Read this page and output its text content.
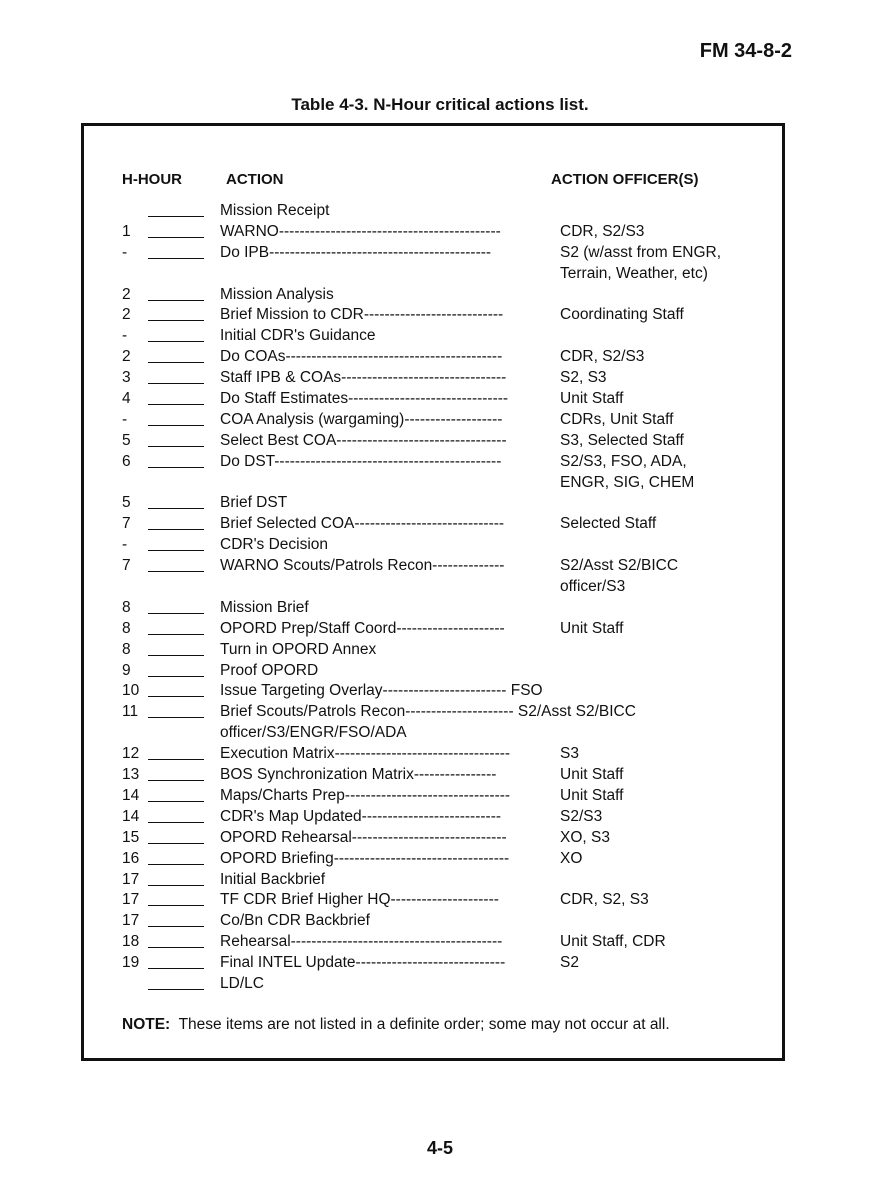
FM 34-8-2
Table 4-3. N-Hour critical actions list.
H-HOUR	ACTION	ACTION OFFICER(S)
Mission Receipt
1	WARNO-------------------------------------------	CDR, S2/S3
-	Do IPB-------------------------------------------	S2 (w/asst from ENGR,
Terrain, Weather, etc)
2	Mission Analysis
2	Brief Mission to CDR---------------------------	Coordinating Staff
-	Initial CDR's Guidance
2	Do COAs------------------------------------------	CDR, S2/S3
3	Staff IPB & COAs--------------------------------	S2, S3
4	Do Staff Estimates-------------------------------	Unit Staff
-	COA Analysis (wargaming)-------------------	CDRs, Unit Staff
5	Select Best COA---------------------------------	S3, Selected Staff
6	Do DST--------------------------------------------	S2/S3, FSO, ADA,
ENGR, SIG, CHEM
5	Brief DST
7	Brief Selected COA-----------------------------	Selected Staff
-	CDR's Decision
7	WARNO Scouts/Patrols Recon--------------	S2/Asst S2/BICC
officer/S3
8	Mission Brief
8	OPORD Prep/Staff Coord---------------------	Unit Staff
8	Turn in OPORD Annex
9	Proof OPORD
10	Issue Targeting Overlay------------------------ FSO
11	Brief Scouts/Patrols Recon--------------------- S2/Asst S2/BICC
officer/S3/ENGR/FSO/ADA
12	Execution Matrix----------------------------------	S3
13	BOS Synchronization Matrix----------------	Unit Staff
14	Maps/Charts Prep--------------------------------	Unit Staff
14	CDR's Map Updated---------------------------	S2/S3
15	OPORD Rehearsal------------------------------	XO, S3
16	OPORD Briefing----------------------------------	XO
17	Initial Backbrief
17	TF CDR Brief Higher HQ---------------------	CDR, S2, S3
17	Co/Bn CDR Backbrief
18	Rehearsal-----------------------------------------	Unit Staff, CDR
19	Final INTEL Update-----------------------------	S2
LD/LC
NOTE: These items are not listed in a definite order; some may not occur at all.
4-5
